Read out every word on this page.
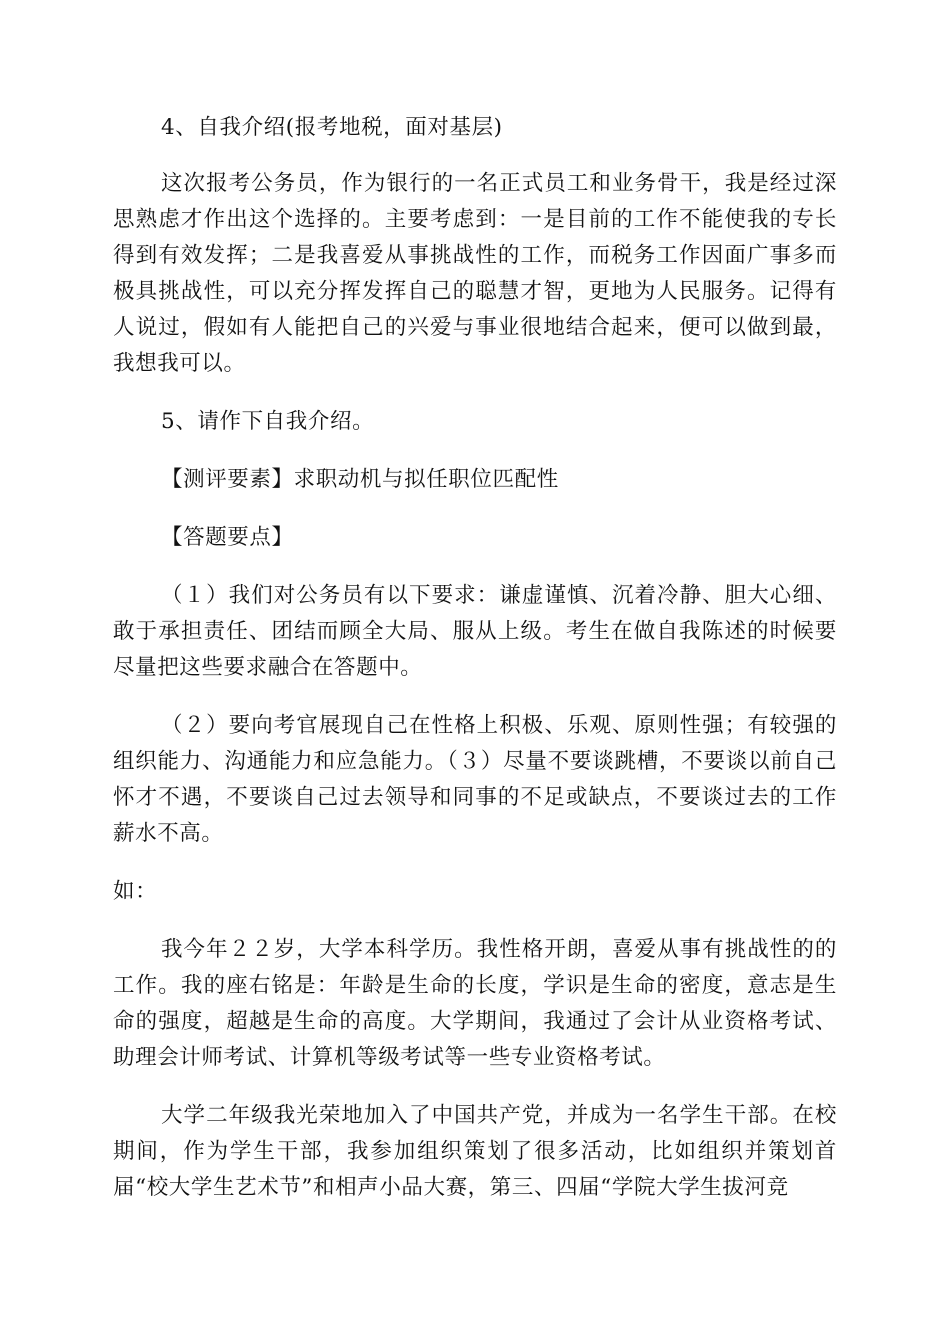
4、自我介绍(报考地税，面对基层)

这次报考公务员，作为银行的一名正式员工和业务骨干，我是经过深思熟虑才作出这个选择的。主要考虑到：一是目前的工作不能使我的专长得到有效发挥；二是我喜爱从事挑战性的工作，而税务工作因面广事多而极具挑战性，可以充分挥发挥自己的聪慧才智，更地为人民服务。记得有人说过，假如有人能把自己的兴爱与事业很地结合起来，便可以做到最，我想我可以。

5、请作下自我介绍。

【测评要素】求职动机与拟任职位匹配性

【答题要点】

（１）我们对公务员有以下要求：谦虚谨慎、沉着冷静、胆大心细、敢于承担责任、团结而顾全大局、服从上级。考生在做自我陈述的时候要尽量把这些要求融合在答题中。

（２）要向考官展现自己在性格上积极、乐观、原则性强；有较强的组织能力、沟通能力和应急能力。（３）尽量不要谈跳槽，不要谈以前自己怀才不遇，不要谈自己过去领导和同事的不足或缺点，不要谈过去的工作薪水不高。

如：

我今年２２岁，大学本科学历。我性格开朗，喜爱从事有挑战性的的工作。我的座右铭是：年龄是生命的长度，学识是生命的密度，意志是生命的强度，超越是生命的高度。大学期间，我通过了会计从业资格考试、助理会计师考试、计算机等级考试等一些专业资格考试。

大学二年级我光荣地加入了中国共产党，并成为一名学生干部。在校期间，作为学生干部，我参加组织策划了很多活动，比如组织并策划首届“校大学生艺术节”和相声小品大赛，第三、四届“学院大学生拔河竞
